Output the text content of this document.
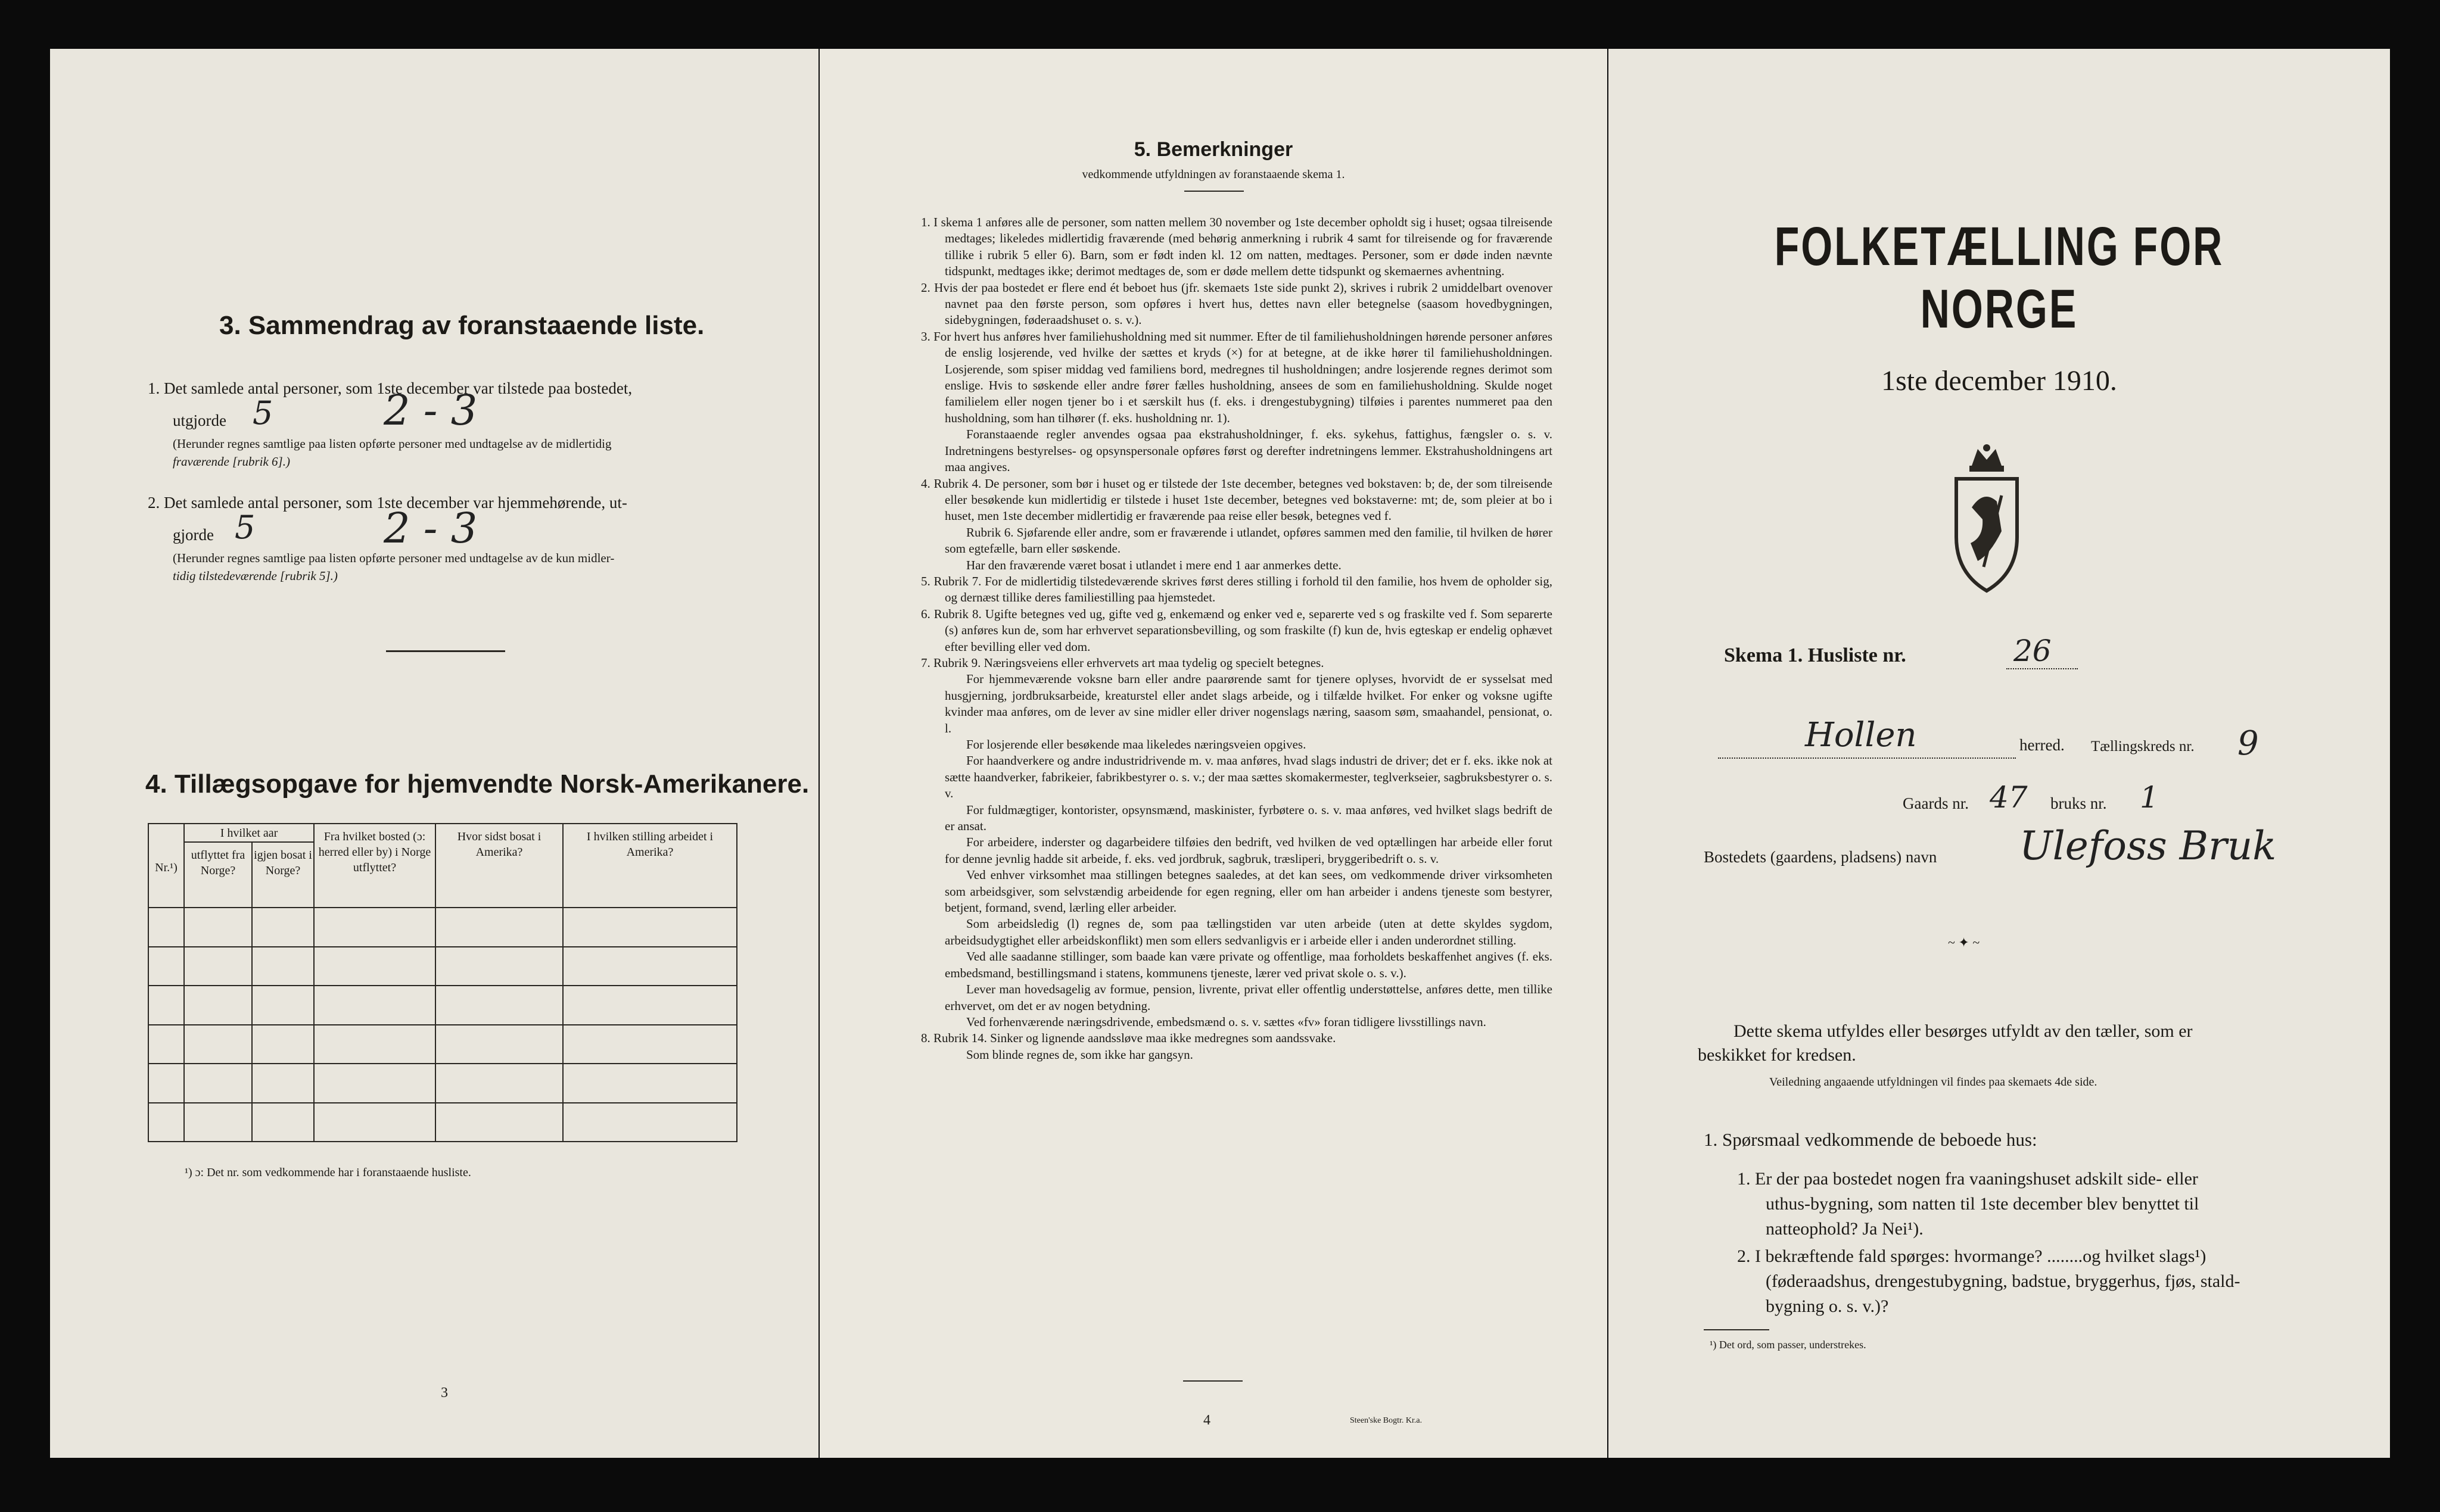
3. Sammendrag av foranstaaende liste.
1. Det samlede antal personer, som 1ste december var tilstede paa bostedet,
utgjorde 5	2 - 3
(Herunder regnes samtlige paa listen opførte personer med undtagelse av de midlertidig
fraværende [rubrik 6].)
2. Det samlede antal personer, som 1ste december var hjemmehørende, ut-
gjorde 5	2 - 3
(Herunder regnes samtlige paa listen opførte personer med undtagelse av de kun midler-
tidig tilstedeværende [rubrik 5].)
4. Tillægsopgave for hjemvendte Norsk-Amerikanere.
Nr.¹)	I hvilket aar		Fra hvilket bosted (ɔ: herred eller by) i Norge utflyttet?	Hvor sidst bosat i Amerika?	I hvilken stilling arbeidet i Amerika?
	utflyttet fra Norge?	igjen bosat i Norge?			

¹) ɔ: Det nr. som vedkommende har i foranstaaende husliste.
3
5. Bemerkninger
vedkommende utfyldningen av foranstaaende skema 1.

1. I skema 1 anføres alle de personer, som natten mellem 30 november og 1ste december opholdt sig i huset; ogsaa tilreisende medtages; likeledes midlertidig fraværende (med behørig anmerkning i rubrik 4 samt for tilreisende og for fraværende tillike i rubrik 5 eller 6). Barn, som er født inden kl. 12 om natten, medtages. Personer, som er døde inden nævnte tidspunkt, medtages ikke; derimot medtages de, som er døde mellem dette tidspunkt og skemaernes avhentning.

2. Hvis der paa bostedet er flere end ét beboet hus (jfr. skemaets 1ste side punkt 2), skrives i rubrik 2 umiddelbart ovenover navnet paa den første person, som opføres i hvert hus, dettes navn eller betegnelse (saasom hovedbygningen, sidebygningen, føderaadshuset o. s. v.).

3. For hvert hus anføres hver familiehusholdning med sit nummer. Efter de til familiehusholdningen hørende personer anføres de enslig losjerende, ved hvilke der sættes et kryds (×) for at betegne, at de ikke hører til familiehusholdningen. Losjerende, som spiser middag ved familiens bord, medregnes til husholdningen; andre losjerende regnes derimot som enslige. Hvis to søskende eller andre fører fælles husholdning, ansees de som en familiehusholdning. Skulde noget familielem eller nogen tjener bo i et særskilt hus (f. eks. i drengestubygning) tilføies i parentes nummeret paa den husholdning, som han tilhører (f. eks. husholdning nr. 1).

Foranstaaende regler anvendes ogsaa paa ekstrahusholdninger, f. eks. sykehus, fattighus, fængsler o. s. v. Indretningens bestyrelses- og opsynspersonale opføres først og derefter indretningens lemmer. Ekstrahusholdningens art maa angives.

4. Rubrik 4. De personer, som bør i huset og er tilstede der 1ste december, betegnes ved bokstaven: b; de, der som tilreisende eller besøkende kun midlertidig er tilstede i huset 1ste december, betegnes ved bokstaverne: mt; de, som pleier at bo i huset, men 1ste december midlertidig er fraværende paa reise eller besøk, betegnes ved f.

Rubrik 6. Sjøfarende eller andre, som er fraværende i utlandet, opføres sammen med den familie, til hvilken de hører som egtefælle, barn eller søskende.

Har den fraværende været bosat i utlandet i mere end 1 aar anmerkes dette.

5. Rubrik 7. For de midlertidig tilstedeværende skrives først deres stilling i forhold til den familie, hos hvem de opholder sig, og dernæst tillike deres familiestilling paa hjemstedet.

6. Rubrik 8. Ugifte betegnes ved ug, gifte ved g, enkemænd og enker ved e, separerte ved s og fraskilte ved f. Som separerte (s) anføres kun de, som har erhvervet separationsbevilling, og som fraskilte (f) kun de, hvis egteskap er endelig ophævet efter bevilling eller ved dom.

7. Rubrik 9. Næringsveiens eller erhvervets art maa tydelig og specielt betegnes.

For hjemmeværende voksne barn eller andre paarørende samt for tjenere oplyses, hvorvidt de er sysselsat med husgjerning, jordbruksarbeide, kreaturstel eller andet slags arbeide, og i tilfælde hvilket. For enker og voksne ugifte kvinder maa anføres, om de lever av sine midler eller driver nogenslags næring, saasom søm, smaahandel, pensionat, o. l.

For losjerende eller besøkende maa likeledes næringsveien opgives.

For haandverkere og andre industridrivende m. v. maa anføres, hvad slags industri de driver; det er f. eks. ikke nok at sætte haandverker, fabrikeier, fabrikbestyrer o. s. v.; der maa sættes skomakermester, teglverkseier, sagbruksbestyrer o. s. v.

For fuldmægtiger, kontorister, opsynsmænd, maskinister, fyrbøtere o. s. v. maa anføres, ved hvilket slags bedrift de er ansat.

For arbeidere, inderster og dagarbeidere tilføies den bedrift, ved hvilken de ved optællingen har arbeide eller forut for denne jevnlig hadde sit arbeide, f. eks. ved jordbruk, sagbruk, træsliperi, bryggeribedrift o. s. v.

Ved enhver virksomhet maa stillingen betegnes saaledes, at det kan sees, om vedkommende driver virksomheten som arbeidsgiver, som selvstændig arbeidende for egen regning, eller om han arbeider i andens tjeneste som bestyrer, betjent, formand, svend, lærling eller arbeider.

Som arbeidsledig (l) regnes de, som paa tællingstiden var uten arbeide (uten at dette skyldes sygdom, arbeidsudygtighet eller arbeidskonflikt) men som ellers sedvanligvis er i arbeide eller i anden underordnet stilling.

Ved alle saadanne stillinger, som baade kan være private og offentlige, maa forholdets beskaffenhet angives (f. eks. embedsmand, bestillingsmand i statens, kommunens tjeneste, lærer ved privat skole o. s. v.).

Lever man hovedsagelig av formue, pension, livrente, privat eller offentlig understøttelse, anføres dette, men tillike erhvervet, om det er av nogen betydning.

Ved forhenværende næringsdrivende, embedsmænd o. s. v. sættes «fv» foran tidligere livsstillings navn.

8. Rubrik 14. Sinker og lignende aandssløve maa ikke medregnes som aandssvake.

Som blinde regnes de, som ikke har gangsyn.

4	Steen'ske Bogtr. Kr.a.
FOLKETÆLLING FOR NORGE
1ste december 1910.
Skema 1. Husliste nr.	26
Hollen	herred. Tællingskreds nr. 9
Gaards nr. 47 bruks nr. 1
Bostedets (gaardens, pladsens) navn Ulefoss Bruk
~ ✦ ~
Dette skema utfyldes eller besørges utfyldt av den tæller, som er
beskikket for kredsen.
Veiledning angaaende utfyldningen vil findes paa skemaets 4de side.
1. Spørsmaal vedkommende de beboede hus:
1. Er der paa bostedet nogen fra vaaningshuset adskilt side- eller
uthus-bygning, som natten til 1ste december blev benyttet til
natteophold? Ja Nei¹).
2. I bekræftende fald spørges: hvormange? ........og hvilket slags¹)
(føderaadshus, drengestubygning, badstue, bryggerhus, fjøs, stald-
bygning o. s. v.)?
¹) Det ord, som passer, understrekes.
